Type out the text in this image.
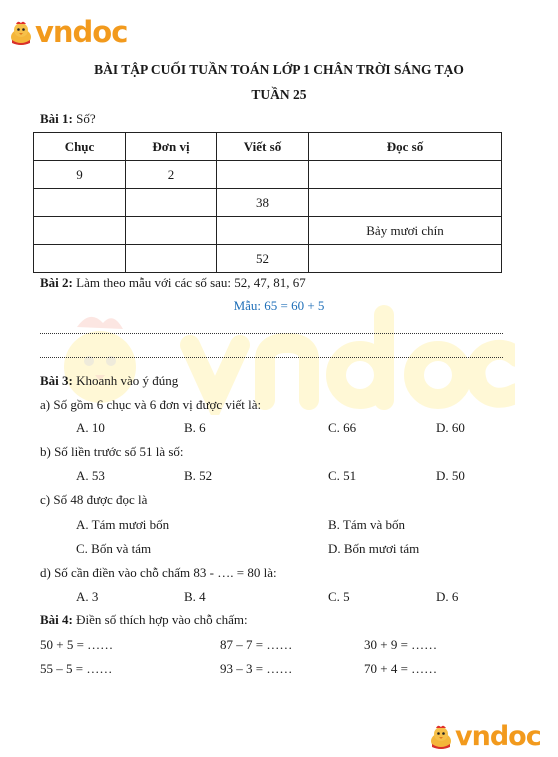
vndoc
BÀI TẬP CUỐI TUẦN TOÁN LỚP 1 CHÂN TRỜI SÁNG TẠO
TUẦN 25
Bài 1: Số?
Chục	Đơn vị	Viết số	Đọc số
9	2		
		38	
			Bảy mươi chín
		52	
Bài 2: Làm theo mẫu với các số sau: 52, 47, 81, 67
Mẫu: 65 = 60 + 5
Bài 3: Khoanh vào ý đúng
a) Số gồm 6 chục và 6 đơn vị được viết là:
A. 10	B. 6	C. 66	D. 60
b) Số liền trước số 51 là số:
A. 53	B. 52	C. 51	D. 50
c) Số 48 được đọc là
A. Tám mươi bốn	B. Tám và bốn
C. Bốn và tám	D. Bốn mươi tám
d) Số cần điền vào chỗ chấm 83 - …. = 80 là:
A. 3	B. 4	C. 5	D. 6
Bài 4: Điền số thích hợp vào chỗ chấm:
50 + 5 = ……	87 – 7 = ……	30 + 9 = ……
55 – 5 = ……	93 – 3 = ……	70 + 4 = ……
vndoc
